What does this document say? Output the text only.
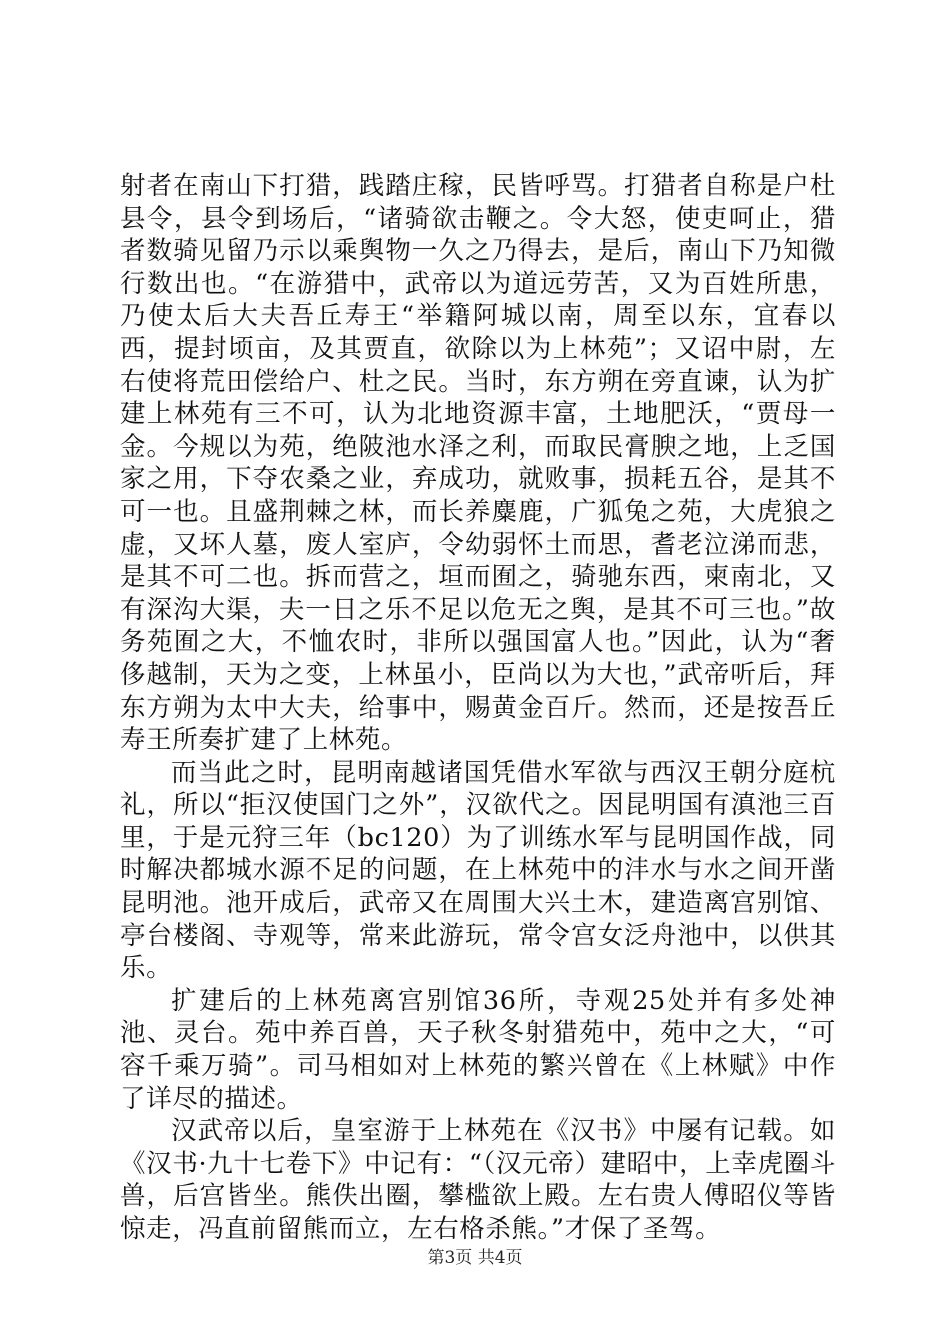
射者在南山下打猎，践踏庄稼，民皆呼骂。打猎者自称是户杜县令，县令到场后，“诸骑欲击鞭之。令大怒，使吏呵止，猎者数骑见留乃示以乘舆物一久之乃得去，是后，南山下乃知微行数出也。“在游猎中，武帝以为道远劳苦，又为百姓所患，乃使太后大夫吾丘寿王“举籍阿城以南，周至以东，宜春以西，提封顷亩，及其贾直，欲除以为上林苑”；又诏中尉，左右使将荒田偿给户、杜之民。当时，东方朔在旁直谏，认为扩建上林苑有三不可，认为北地资源丰富，土地肥沃，“贾母一金。今规以为苑，绝陂池水泽之利，而取民膏腴之地，上乏国家之用，下夺农桑之业，弃成功，就败事，损耗五谷，是其不可一也。且盛荆棘之林，而长养麋鹿，广狐兔之苑，大虎狼之虚，又坏人墓，废人室庐，令幼弱怀土而思，耆老泣涕而悲，是其不可二也。拆而营之，垣而囿之，骑驰东西，柬南北，又有深沟大渠，夫一日之乐不足以危无之舆，是其不可三也。”故务苑囿之大，不恤农时，非所以强国富人也。”因此，认为“奢侈越制，天为之变，上林虽小，臣尚以为大也，”武帝听后，拜东方朔为太中大夫，给事中，赐黄金百斤。然而，还是按吾丘寿王所奏扩建了上林苑。

而当此之时，昆明南越诸国凭借水军欲与西汉王朝分庭杭礼，所以“拒汉使国门之外”，汉欲代之。因昆明国有滇池三百里，于是元狩三年（bc120）为了训练水军与昆明国作战，同时解决都城水源不足的问题，在上林苑中的沣水与水之间开凿昆明池。池开成后，武帝又在周围大兴土木，建造离宫别馆、亭台楼阁、寺观等，常来此游玩，常令宫女泛舟池中，以供其乐。

扩建后的上林苑离宫别馆36所，寺观25处并有多处神池、灵台。苑中养百兽，天子秋冬射猎苑中，苑中之大，“可容千乘万骑”。司马相如对上林苑的繁兴曾在《上林赋》中作了详尽的描述。

汉武帝以后，皇室游于上林苑在《汉书》中屡有记载。如《汉书·九十七卷下》中记有：“（汉元帝）建昭中，上幸虎圈斗兽，后宫皆坐。熊佚出圈，攀槛欲上殿。左右贵人傅昭仪等皆惊走，冯直前留熊而立，左右格杀熊。”才保了圣驾。

第3页 共4页
